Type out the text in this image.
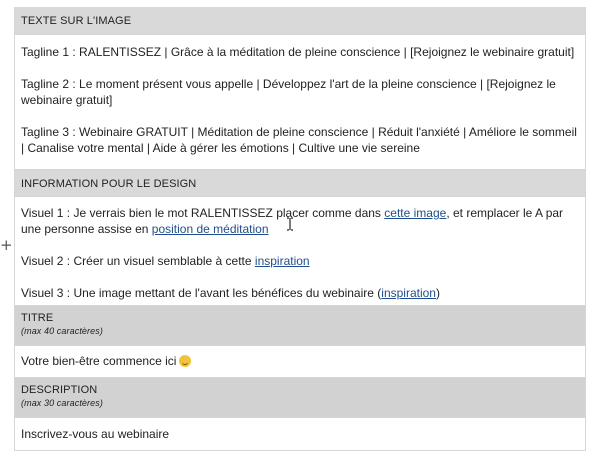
+
TEXTE SUR L'IMAGE

Tagline 1 : RALENTISSEZ | Grâce à la méditation de pleine conscience | [Rejoignez le webinaire gratuit]

Tagline 2 : Le moment présent vous appelle | Développez l'art de la pleine conscience | [Rejoignez le webinaire gratuit]

Tagline 3 : Webinaire GRATUIT | Méditation de pleine conscience | Réduit l'anxiété | Améliore le sommeil | Canalise votre mental | Aide à gérer les émotions | Cultive une vie sereine

INFORMATION POUR LE DESIGN

Visuel 1 : Je verrais bien le mot RALENTISSEZ placer comme dans cette image, et remplacer le A par une personne assise en position de méditation

Visuel 2 : Créer un visuel semblable à cette inspiration

Visuel 3 : Une image mettant de l'avant les bénéfices du webinaire (inspiration)

TITRE
(max 40 caractères)
Votre bien-être commence ici
DESCRIPTION
(max 30 caractères)
Inscrivez-vous au webinaire
